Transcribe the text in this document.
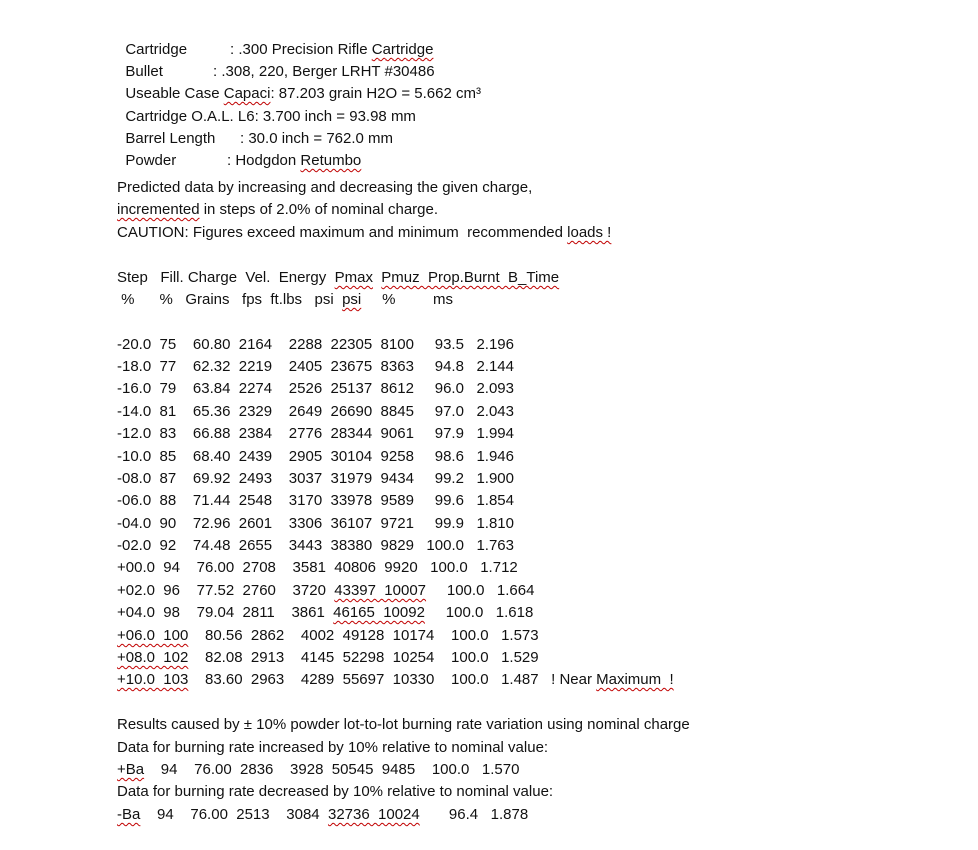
Cartridge	: .300 Precision Rifle Cartridge

Bullet	: .308, 220, Berger LRHT #30486

Useable Case Capaci: 87.203 grain H2O = 5.662 cm³

Cartridge O.A.L. L6: 3.700 inch = 93.98 mm

Barrel Length : 30.0 inch = 762.0 mm

Powder	: Hodgdon Retumbo

Predicted data by increasing and decreasing the given charge,
incremented in steps of 2.0% of nominal charge.
CAUTION: Figures exceed maximum and minimum  recommended loads !
Step   Fill. Charge  Vel.  Energy  Pmax Pmuz  Prop.Burnt  B_Time
%      %   Grains   fps  ft.lbs   psi  psi     %         ms
-20.0  75    60.80  2164    2288  22305  8100     93.5   2.196
-18.0  77    62.32  2219    2405  23675  8363     94.8   2.144
-16.0  79    63.84  2274    2526  25137  8612     96.0   2.093
-14.0  81    65.36  2329    2649  26690  8845     97.0   2.043
-12.0  83    66.88  2384    2776  28344  9061     97.9   1.994
-10.0  85    68.40  2439    2905  30104  9258     98.6   1.946
-08.0  87    69.92  2493    3037  31979  9434     99.2   1.900
-06.0  88    71.44  2548    3170  33978  9589     99.6   1.854
-04.0  90    72.96  2601    3306  36107  9721     99.9   1.810
-02.0  92    74.48  2655    3443  38380  9829   100.0   1.763
+00.0  94    76.00  2708    3581  40806  9920   100.0   1.712
+02.0  96    77.52  2760    3720  43397  10007     100.0   1.664
+04.0  98    79.04  2811    3861  46165  10092     100.0   1.618
+06.0  100    80.56  2862    4002  49128  10174    100.0   1.573
+08.0  102    82.08  2913    4145  52298  10254    100.0   1.529
+10.0  103    83.60  2963    4289  55697  10330    100.0   1.487   ! Near Maximum  !
Results caused by ± 10% powder lot-to-lot burning rate variation using nominal charge
Data for burning rate increased by 10% relative to nominal value:
+Ba    94    76.00  2836    3928  50545  9485    100.0   1.570
Data for burning rate decreased by 10% relative to nominal value:
-Ba    94    76.00  2513    3084  32736  10024       96.4   1.878
